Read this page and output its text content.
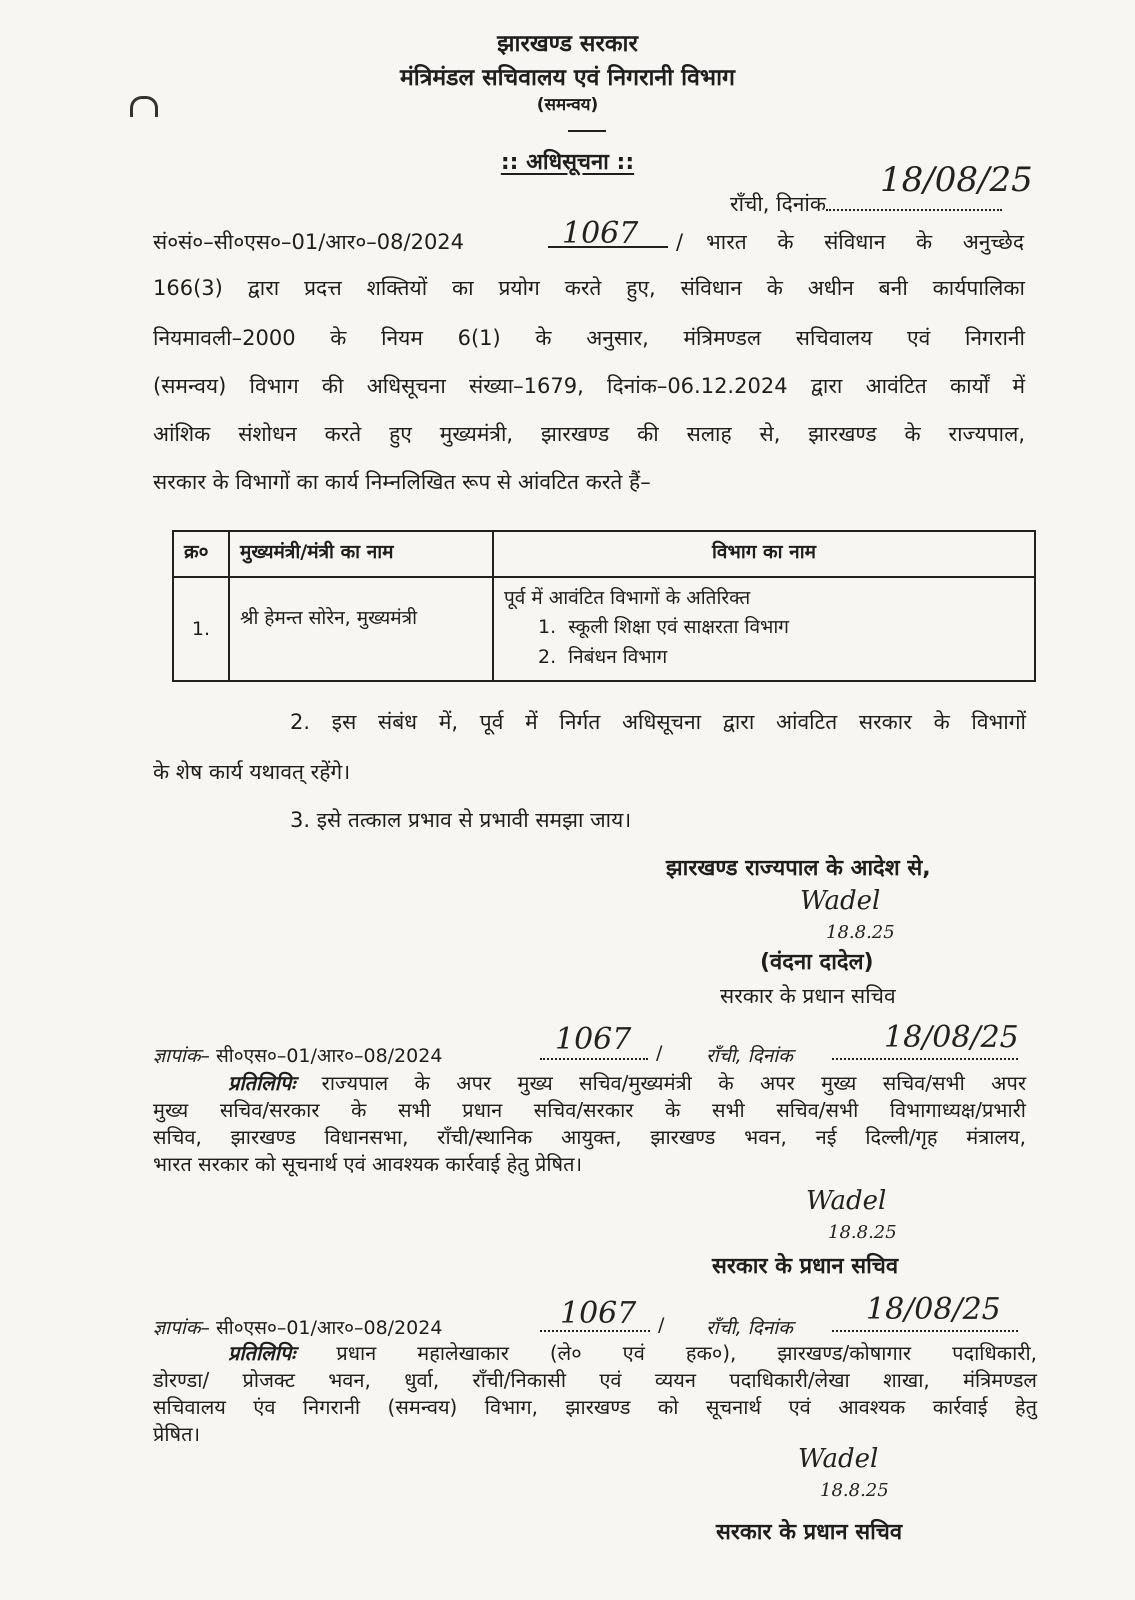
झारखण्ड सरकार
मंत्रिमंडल सचिवालय एवं निगरानी विभाग
(समन्वय)
:: अधिसूचना ::
राँची, दिनांक
18/08/25
सं०सं०–सी०एस०–01/आर०–08/2024	1067 / भारत के संविधान के अनुच्छेद
166(3) द्वारा प्रदत्त शक्तियों का प्रयोग करते हुए, संविधान के अधीन बनी कार्यपालिका
नियमावली–2000 के नियम 6(1) के अनुसार, मंत्रिमण्डल सचिवालय एवं निगरानी
(समन्वय) विभाग की अधिसूचना संख्या–1679, दिनांक–06.12.2024 द्वारा आवंटित कार्यों में
आंशिक संशोधन करते हुए मुख्यमंत्री, झारखण्ड की सलाह से, झारखण्ड के राज्यपाल,
सरकार के विभागों का कार्य निम्नलिखित रूप से आंवटित करते हैं–
क्र०	मुख्यमंत्री/मंत्री का नाम	विभाग का नाम
1.	श्री हेमन्त सोरेन, मुख्यमंत्री	पूर्व में आवंटित विभागों के अतिरिक्त
1.  स्कूली शिक्षा एवं साक्षरता विभाग
2.  निबंधन विभाग
2. इस संबंध में, पूर्व में निर्गत अधिसूचना द्वारा आंवटित सरकार के विभागों
के शेष कार्य यथावत् रहेंगे।
3. इसे तत्काल प्रभाव से प्रभावी समझा जाय।
झारखण्ड राज्यपाल के आदेश से,
Wadel
18.8.25
(वंदना दादेल)
सरकार के प्रधान सचिव
ज्ञापांक– सी०एस०–01/आर०–08/2024	1067 / राँची, दिनांक
18/08/25
प्रतिलिपिः राज्यपाल के अपर मुख्य सचिव/मुख्यमंत्री के अपर मुख्य सचिव/सभी अपर
मुख्य सचिव/सरकार के सभी प्रधान सचिव/सरकार के सभी सचिव/सभी विभागाध्यक्ष/प्रभारी
सचिव, झारखण्ड विधानसभा, राँची/स्थानिक आयुक्त, झारखण्ड भवन, नई दिल्ली/गृह मंत्रालय,
भारत सरकार को सूचनार्थ एवं आवश्यक कार्रवाई हेतु प्रेषित।
Wadel
18.8.25
सरकार के प्रधान सचिव
ज्ञापांक– सी०एस०–01/आर०–08/2024	1067 / राँची, दिनांक
18/08/25
प्रतिलिपिः प्रधान महालेखाकार (ले० एवं हक०), झारखण्ड/कोषागार पदाधिकारी,
डोरण्डा/ प्रोजक्ट भवन, धुर्वा, राँची/निकासी एवं व्ययन पदाधिकारी/लेखा शाखा, मंत्रिमण्डल
सचिवालय एंव निगरानी (समन्वय) विभाग, झारखण्ड को सूचनार्थ एवं आवश्यक कार्रवाई हेतु
प्रेषित।
Wadel
18.8.25
सरकार के प्रधान सचिव
